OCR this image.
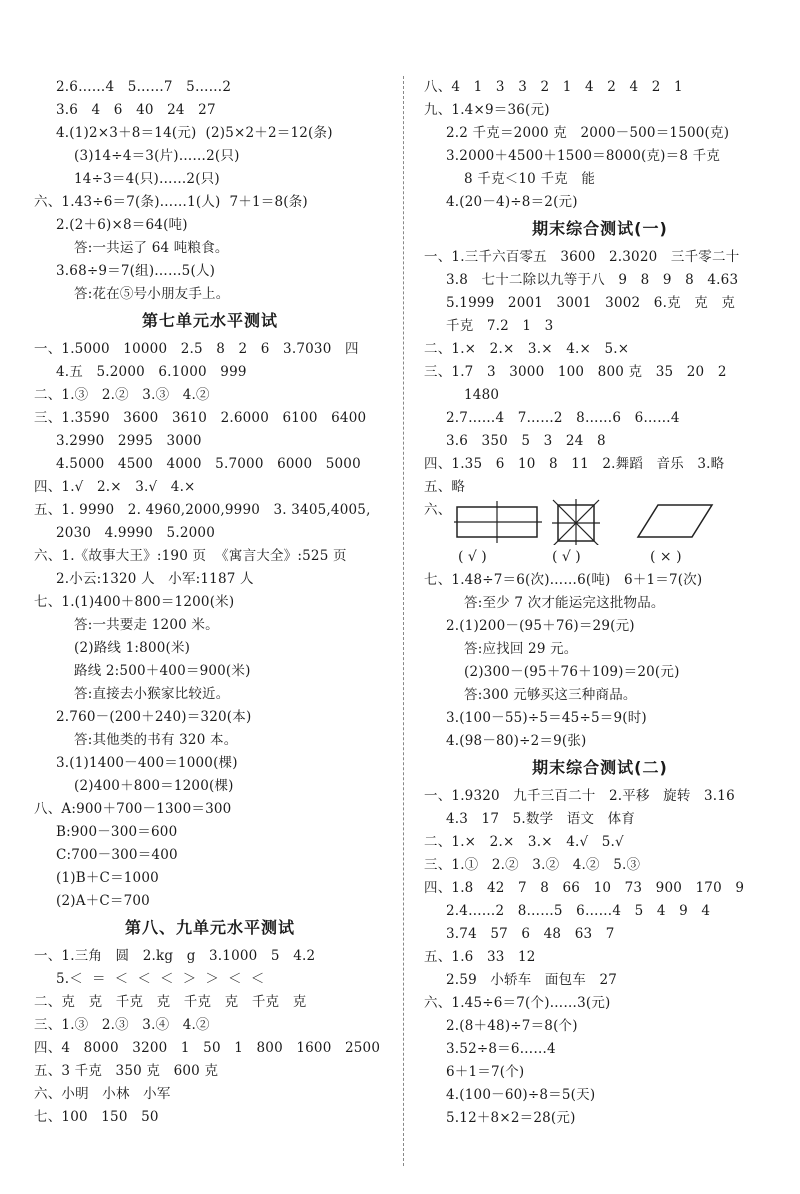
2.6……4   5……7   5……2
3.6   4   6   40   24   27
4.(1)2×3＋8＝14(元)  (2)5×2＋2＝12(条)
(3)14÷4＝3(片)……2(只)
14÷3＝4(只)……2(只)
六、1.43÷6＝7(条)……1(人)  7＋1＝8(条)
2.(2＋6)×8＝64(吨)
答:一共运了 64 吨粮食。
3.68÷9＝7(组)……5(人)
答:花在⑤号小朋友手上。
第七单元水平测试
一、1.5000   10000   2.5   8   2   6   3.7030   四
4.五   5.2000   6.1000   999
二、1.③   2.②   3.③   4.②
三、1.3590   3600   3610   2.6000   6100   6400
3.2990   2995   3000
4.5000   4500   4000   5.7000   6000   5000
四、1.√   2.×   3.√   4.×
五、1. 9990   2. 4960,2000,9990   3. 3405,4005,
2030   4.9990   5.2000
六、1.《故事大王》:190 页  《寓言大全》:525 页
2.小云:1320 人   小军:1187 人
七、1.(1)400＋800＝1200(米)
答:一共要走 1200 米。
(2)路线 1:800(米)
路线 2:500＋400＝900(米)
答:直接去小猴家比较近。
2.760－(200＋240)＝320(本)
答:其他类的书有 320 本。
3.(1)1400－400＝1000(棵)
(2)400＋800＝1200(棵)
八、A:900＋700－1300＝300
B:900－300＝600
C:700－300＝400
(1)B＋C＝1000
(2)A＋C＝700
第八、九单元水平测试
一、1.三角   圆   2.kg   g   3.1000   5   4.2
5.＜  ＝  ＜  ＜  ＜  ＞  ＞  ＜  ＜
二、克   克   千克   克   千克   克   千克   克
三、1.③   2.③   3.④   4.②
四、4   8000   3200   1   50   1   800   1600   2500
五、3 千克   350 克   600 克
六、小明   小林   小军
七、100   150   50
八、4   1   3   3   2   1   4   2   4   2   1
九、1.4×9＝36(元)
2.2 千克＝2000 克   2000－500＝1500(克)
3.2000＋4500＋1500＝8000(克)＝8 千克
8 千克＜10 千克   能
4.(20－4)÷8＝2(元)
期末综合测试(一)
一、1.三千六百零五   3600   2.3020   三千零二十
3.8   七十二除以九等于八   9   8   9   8   4.63
5.1999   2001   3001   3002   6.克   克   克
千克   7.2   1   3
二、1.×   2.×   3.×   4.×   5.×
三、1.7   3   3000   100   800 克   35   20   2
1480
2.7……4   7……2   8……6   6……4
3.6   350   5   3   24   8
四、1.35   6   10   8   11   2.舞蹈   音乐   3.略
五、略
六、
( √ )	( √ )	( × )
七、1.48÷7＝6(次)……6(吨)   6＋1＝7(次)
答:至少 7 次才能运完这批物品。
2.(1)200－(95＋76)＝29(元)
答:应找回 29 元。
(2)300－(95＋76＋109)＝20(元)
答:300 元够买这三种商品。
3.(100－55)÷5＝45÷5＝9(时)
4.(98－80)÷2＝9(张)
期末综合测试(二)
一、1.9320   九千三百二十   2.平移   旋转   3.16
4.3   17   5.数学   语文   体育
二、1.×   2.×   3.×   4.√   5.√
三、1.①   2.②   3.②   4.②   5.③
四、1.8   42   7   8   66   10   73   900   170   9
2.4……2   8……5   6……4   5   4   9   4
3.74   57   6   48   63   7
五、1.6   33   12
2.59   小轿车   面包车   27
六、1.45÷6＝7(个)……3(元)
2.(8＋48)÷7＝8(个)
3.52÷8＝6……4
6＋1＝7(个)
4.(100－60)÷8＝5(天)
5.12＋8×2＝28(元)
